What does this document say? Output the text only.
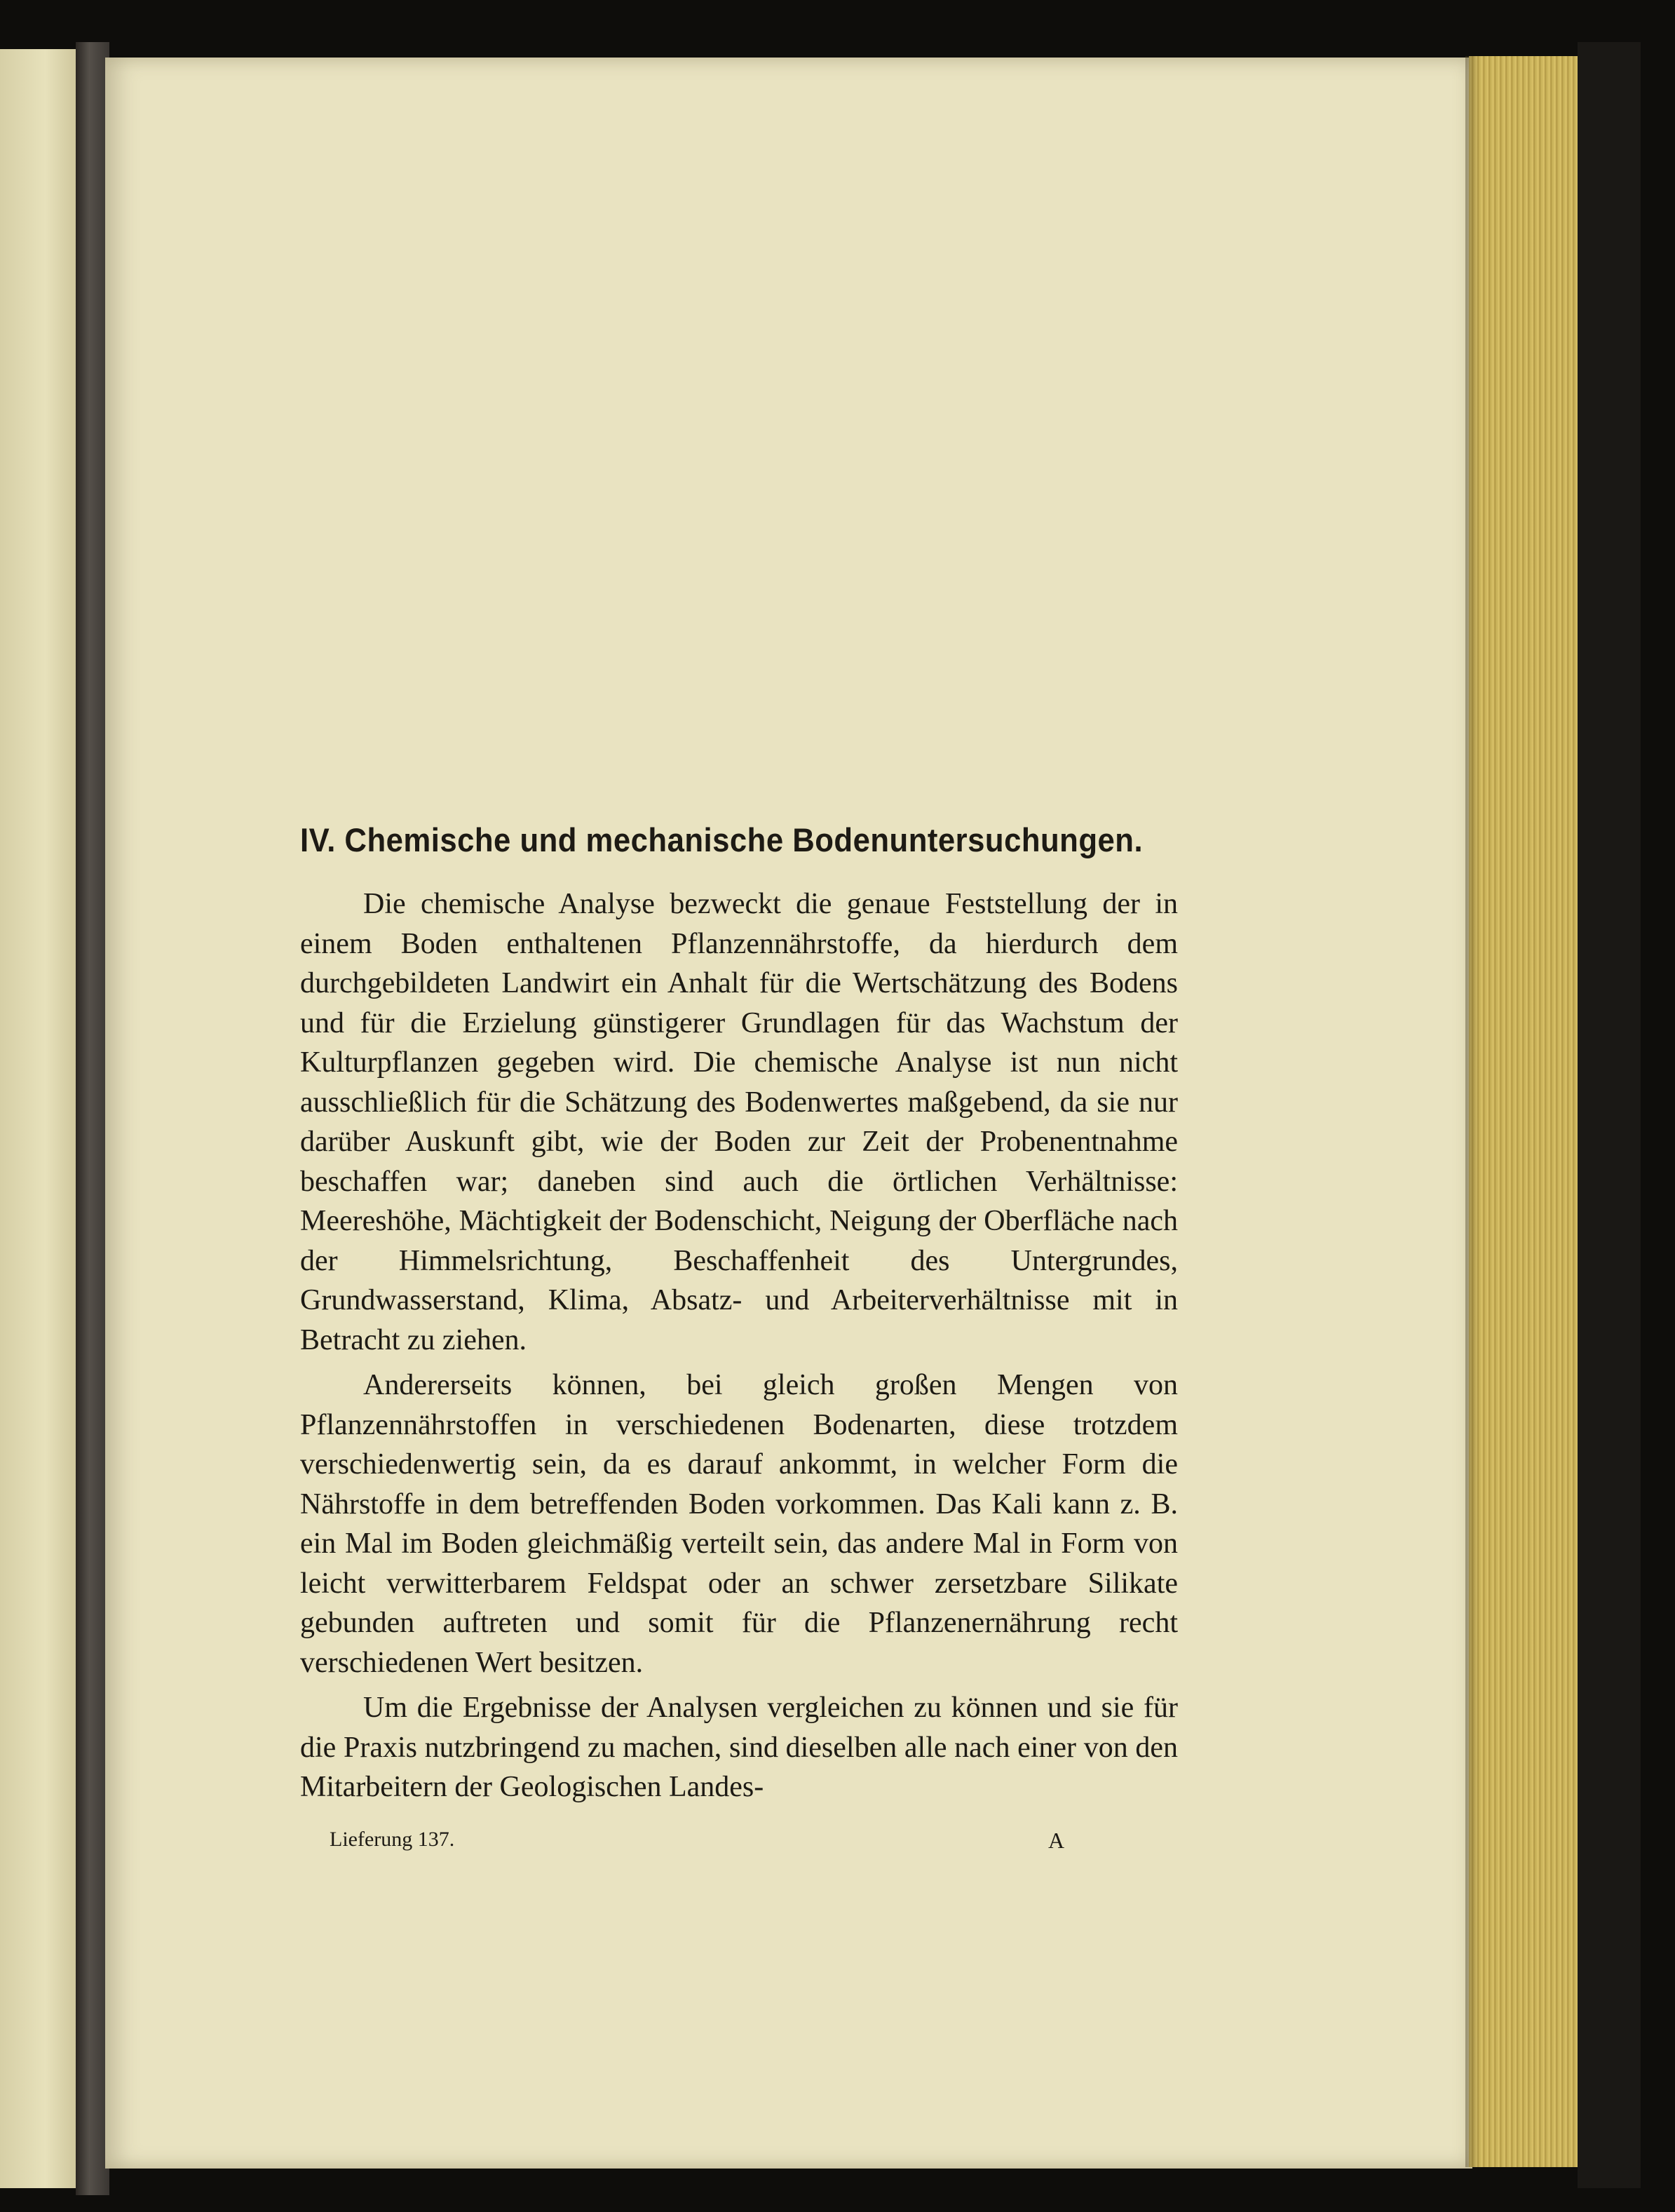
IV. Chemische und mechanische Bodenuntersuchungen.

Die chemische Analyse bezweckt die genaue Feststellung der in einem Boden enthaltenen Pflanzennährstoffe, da hierdurch dem durchgebildeten Landwirt ein Anhalt für die Wertschätzung des Bodens und für die Erzielung günstigerer Grundlagen für das Wachstum der Kulturpflanzen gegeben wird. Die chemische Analyse ist nun nicht ausschließlich für die Schätzung des Bodenwertes maßgebend, da sie nur darüber Auskunft gibt, wie der Boden zur Zeit der Probenentnahme beschaffen war; daneben sind auch die örtlichen Verhältnisse: Meereshöhe, Mächtigkeit der Bodenschicht, Neigung der Oberfläche nach der Himmelsrichtung, Beschaffenheit des Untergrundes, Grundwasserstand, Klima, Absatz- und Arbeiterverhältnisse mit in Betracht zu ziehen.

Andererseits können, bei gleich großen Mengen von Pflanzennährstoffen in verschiedenen Bodenarten, diese trotzdem verschiedenwertig sein, da es darauf ankommt, in welcher Form die Nährstoffe in dem betreffenden Boden vorkommen. Das Kali kann z. B. ein Mal im Boden gleichmäßig verteilt sein, das andere Mal in Form von leicht verwitterbarem Feldspat oder an schwer zersetzbare Silikate gebunden auftreten und somit für die Pflanzenernährung recht verschiedenen Wert besitzen.

Um die Ergebnisse der Analysen vergleichen zu können und sie für die Praxis nutzbringend zu machen, sind dieselben alle nach einer von den Mitarbeitern der Geologischen Landes-

Lieferung 137.	A
